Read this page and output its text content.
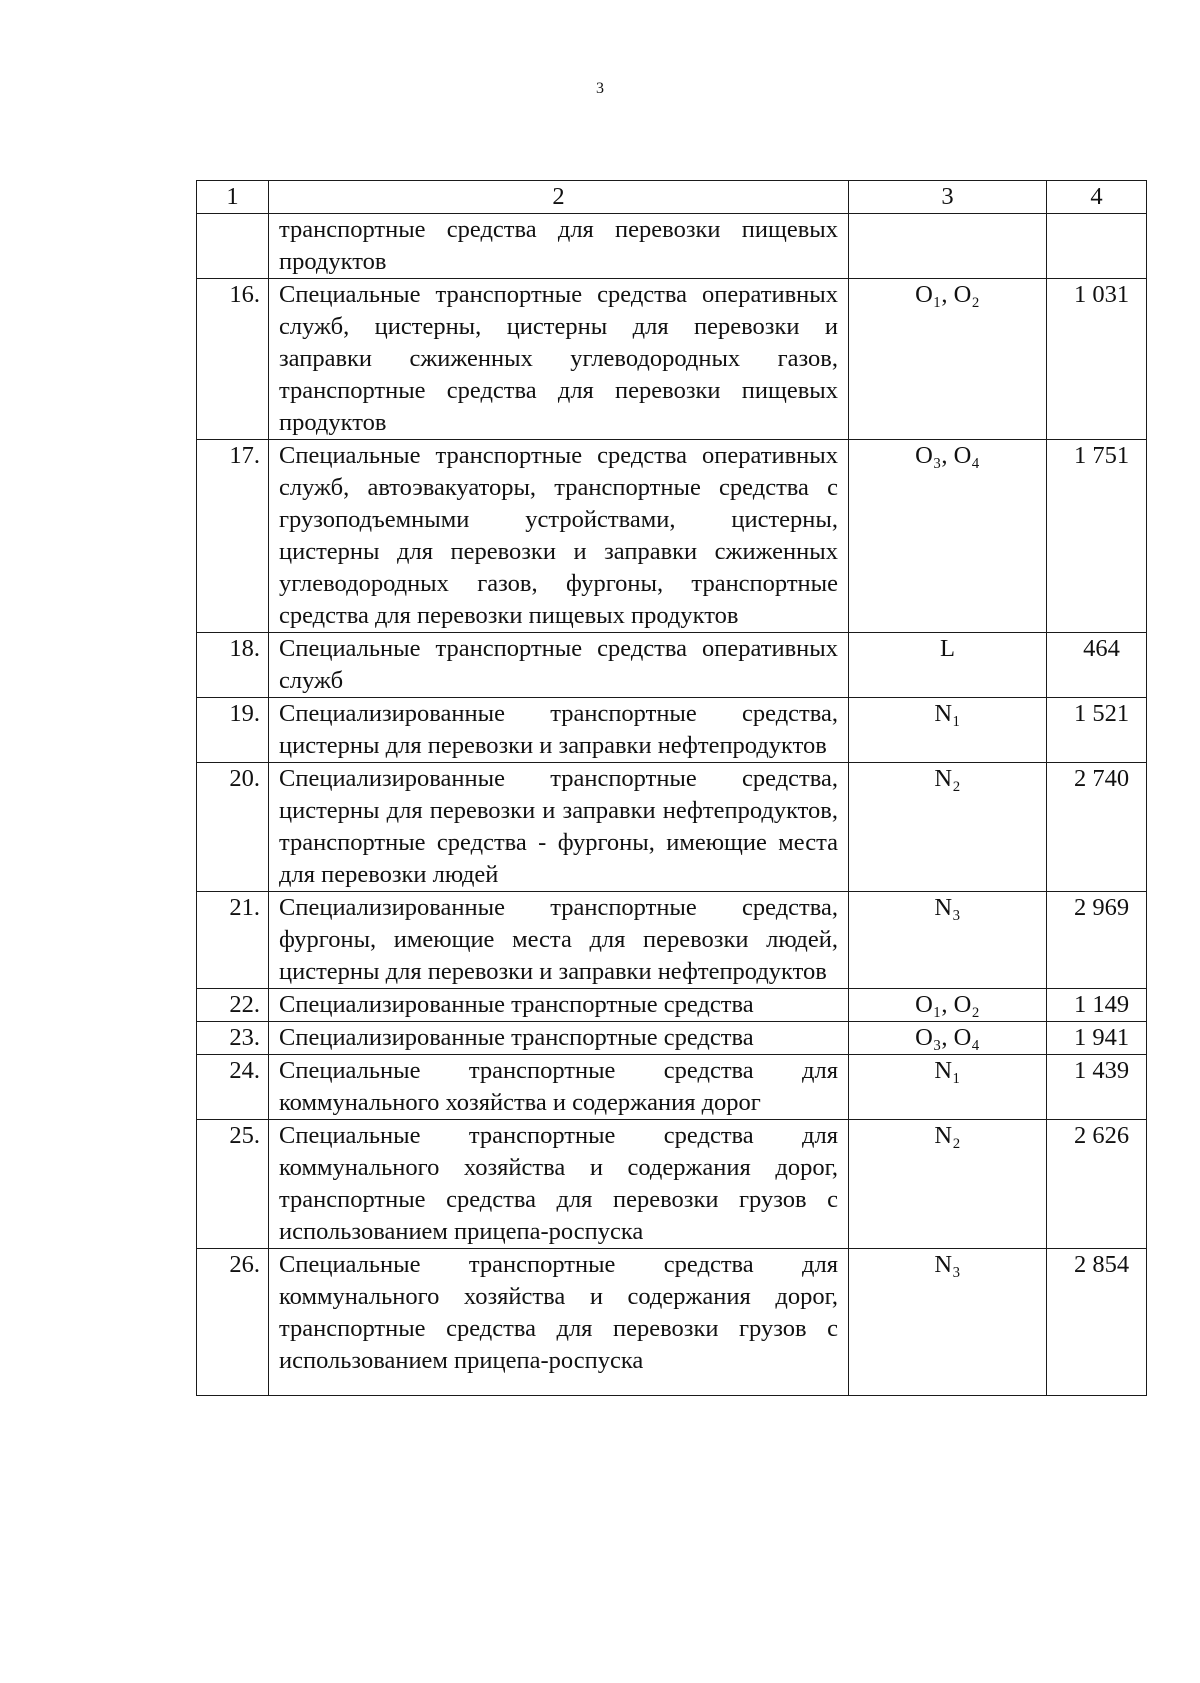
3
1	2	3	4
	транспортные средства для перевозки пищевых продуктов		
16.	Специальные транспортные средства оперативных служб, цистерны, цистерны для перевозки и заправки сжиженных углеводородных газов, транспортные средства для перевозки пищевых продуктов	O₁, O₂	1 031
17.	Специальные транспортные средства оперативных служб, автоэвакуаторы, транспортные средства с грузоподъемными устройствами, цистерны, цистерны для перевозки и заправки сжиженных углеводородных газов, фургоны, транспортные средства для перевозки пищевых продуктов	O₃, O₄	1 751
18.	Специальные транспортные средства оперативных служб	L	464
19.	Специализированные транспортные средства, цистерны для перевозки и заправки нефтепродуктов	N₁	1 521
20.	Специализированные транспортные средства, цистерны для перевозки и заправки нефтепродуктов, транспортные средства - фургоны, имеющие места для перевозки людей	N₂	2 740
21.	Специализированные транспортные средства, фургоны, имеющие места для перевозки людей, цистерны для перевозки и заправки нефтепродуктов	N₃	2 969
22.	Специализированные транспортные средства	O₁, O₂	1 149
23.	Специализированные транспортные средства	O₃, O₄	1 941
24.	Специальные транспортные средства для коммунального хозяйства и содержания дорог	N₁	1 439
25.	Специальные транспортные средства для коммунального хозяйства и содержания дорог, транспортные средства для перевозки грузов с использованием прицепа-роспуска	N₂	2 626
26.	Специальные транспортные средства для коммунального хозяйства и содержания дорог, транспортные средства для перевозки грузов с использованием прицепа-роспуска	N₃	2 854
